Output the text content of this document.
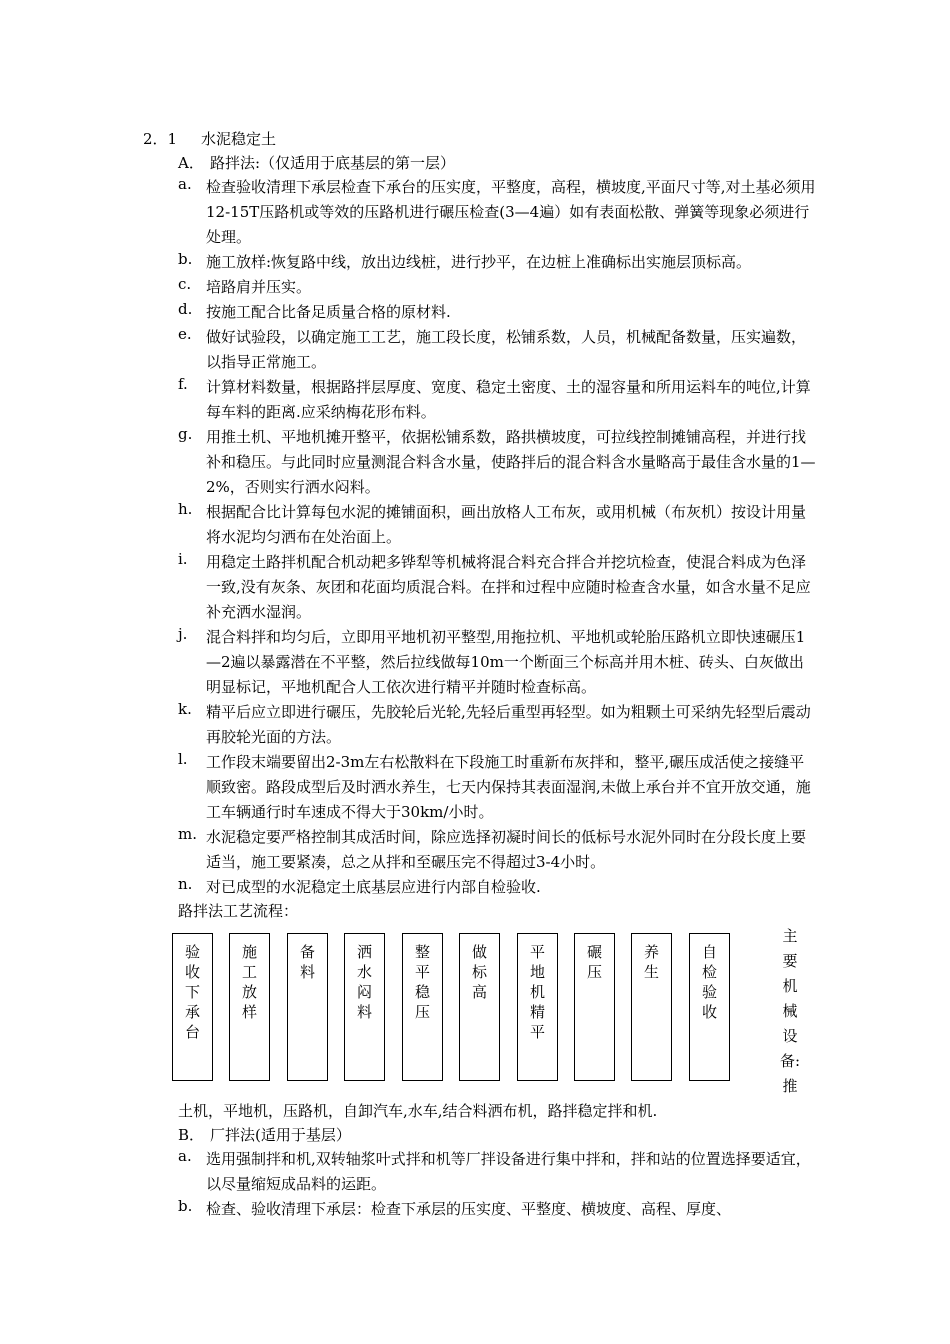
2．1 水泥稳定土
A． 路拌法:（仅适用于底基层的第一层）
a. 检查验收清理下承层检查下承台的压实度，平整度，高程，横坡度,平面尺寸等,对土基必须用12-15T压路机或等效的压路机进行碾压检查(3—4遍）如有表面松散、弹簧等现象必须进行处理。
b. 施工放样:恢复路中线，放出边线桩，进行抄平，在边桩上准确标出实施层顶标高。
c. 培路肩并压实。
d. 按施工配合比备足质量合格的原材料.
e. 做好试验段，以确定施工工艺，施工段长度，松铺系数，人员，机械配备数量，压实遍数，以指导正常施工。
f. 计算材料数量，根据路拌层厚度、宽度、稳定土密度、土的湿容量和所用运料车的吨位,计算每车料的距离.应采纳梅花形布料。
g. 用推土机、平地机摊开整平，依据松铺系数，路拱横坡度，可拉线控制摊铺高程，并进行找补和稳压。与此同时应量测混合料含水量，使路拌后的混合料含水量略高于最佳含水量的1—2%，否则实行洒水闷料。
h. 根据配合比计算每包水泥的摊铺面积，画出放格人工布灰，或用机械（布灰机）按设计用量将水泥均匀洒布在处治面上。
i. 用稳定土路拌机配合机动耙多铧犁等机械将混合料充合拌合并挖坑检查，使混合料成为色泽一致,没有灰条、灰团和花面均质混合料。在拌和过程中应随时检查含水量，如含水量不足应补充洒水湿润。
j. 混合料拌和均匀后，立即用平地机初平整型,用拖拉机、平地机或轮胎压路机立即快速碾压1—2遍以暴露潜在不平整，然后拉线做每10m一个断面三个标高并用木桩、砖头、白灰做出明显标记，平地机配合人工依次进行精平并随时检查标高。
k. 精平后应立即进行碾压，先胶轮后光轮,先轻后重型再轻型。如为粗颗土可采纳先轻型后震动再胶轮光面的方法。
l. 工作段末端要留出2-3m左右松散料在下段施工时重新布灰拌和，整平,碾压成活使之接缝平顺致密。路段成型后及时洒水养生，七天内保持其表面湿润,未做上承台并不宜开放交通，施工车辆通行时车速成不得大于30km/小时。
m. 水泥稳定要严格控制其成活时间，除应选择初凝时间长的低标号水泥外同时在分段长度上要适当，施工要紧凑，总之从拌和至碾压完不得超过3-4小时。
n. 对已成型的水泥稳定土底基层应进行内部自检验收.
路拌法工艺流程：
验收下承台
施工放样
备料
洒水闷料
整平稳压
做标高
平地机精平
碾压
养生
自检验收
主要机械设备:推
土机，平地机，压路机，自卸汽车,水车,结合料洒布机，路拌稳定拌和机.
B． 厂拌法(适用于基层）
a. 选用强制拌和机,双转轴浆叶式拌和机等厂拌设备进行集中拌和，拌和站的位置选择要适宜，以尽量缩短成品料的运距。
b. 检查、验收清理下承层：检查下承层的压实度、平整度、横坡度、高程、厚度、
